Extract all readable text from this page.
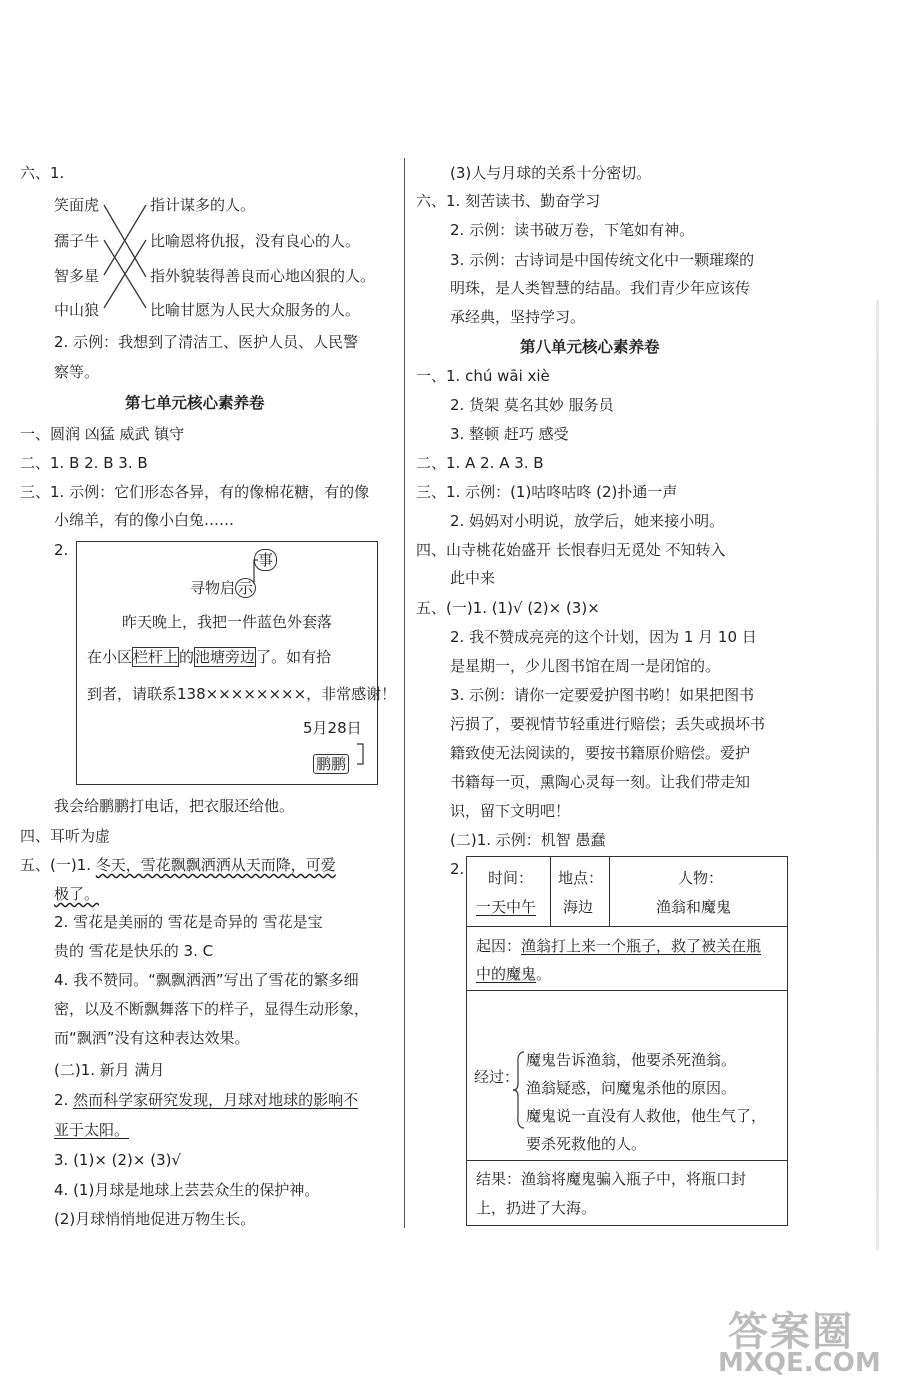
六、1.
笑面虎
孺子牛
智多星
中山狼
指计谋多的人。
比喻恩将仇报，没有良心的人。
指外貌装得善良而心地凶狠的人。
比喻甘愿为人民大众服务的人。
2. 示例：我想到了清洁工、医护人员、人民警
察等。
第七单元核心素养卷
一、圆润 凶猛 威武 镇守
二、1. B 2. B 3. B
三、1. 示例：它们形态各异，有的像棉花糖，有的像
小绵羊，有的像小白兔……
2.
事
寻物启 示
昨天晚上，我把一件蓝色外套落
在小区栏杆上的池塘旁边了。如有拾
到者，请联系138××××××××，非常感谢！
5月28日
鹏鹏
我会给鹏鹏打电话，把衣服还给他。
四、耳听为虚
五、(一)1. 冬天，雪花飘飘洒洒从天而降，可爱
极了。
2. 雪花是美丽的 雪花是奇异的 雪花是宝
贵的 雪花是快乐的 3. C
4. 我不赞同。“飘飘洒洒”写出了雪花的繁多细
密，以及不断飘舞落下的样子，显得生动形象，
而“飘洒”没有这种表达效果。
(二)1. 新月 满月
2. 然而科学家研究发现，月球对地球的影响不
亚于太阳。
3. (1)× (2)× (3)√
4. (1)月球是地球上芸芸众生的保护神。
(2)月球悄悄地促进万物生长。
(3)人与月球的关系十分密切。
六、1. 刻苦读书、勤奋学习
2. 示例：读书破万卷，下笔如有神。
3. 示例：古诗词是中国传统文化中一颗璀璨的
明珠，是人类智慧的结晶。我们青少年应该传
承经典，坚持学习。
第八单元核心素养卷
一、1. chú wāi xiè
2. 货架 莫名其妙 服务员
3. 整顿 赶巧 感受
二、1. A 2. A 3. B
三、1. 示例：(1)咕咚咕咚 (2)扑通一声
2. 妈妈对小明说，放学后，她来接小明。
四、山寺桃花始盛开 长恨春归无觅处 不知转入
此中来
五、(一)1. (1)√ (2)× (3)×
2. 我不赞成亮亮的这个计划，因为 1 月 10 日
是星期一，少儿图书馆在周一是闭馆的。
3. 示例：请你一定要爱护图书哟！如果把图书
污损了，要视情节轻重进行赔偿；丢失或损坏书
籍致使无法阅读的，要按书籍原价赔偿。爱护
书籍每一页，熏陶心灵每一刻。让我们带走知
识，留下文明吧！
(二)1. 示例：机智 愚蠢
2. 时间：
一天中午
地点：
海边
人物：
渔翁和魔鬼
起因：渔翁打上来一个瓶子，救了被关在瓶
中的魔鬼。
经过：
魔鬼告诉渔翁，他要杀死渔翁。
渔翁疑惑，问魔鬼杀他的原因。
魔鬼说一直没有人救他，他生气了，
要杀死救他的人。
结果：渔翁将魔鬼骗入瓶子中，将瓶口封
上，扔进了大海。
答案圈
MXQE.COM
